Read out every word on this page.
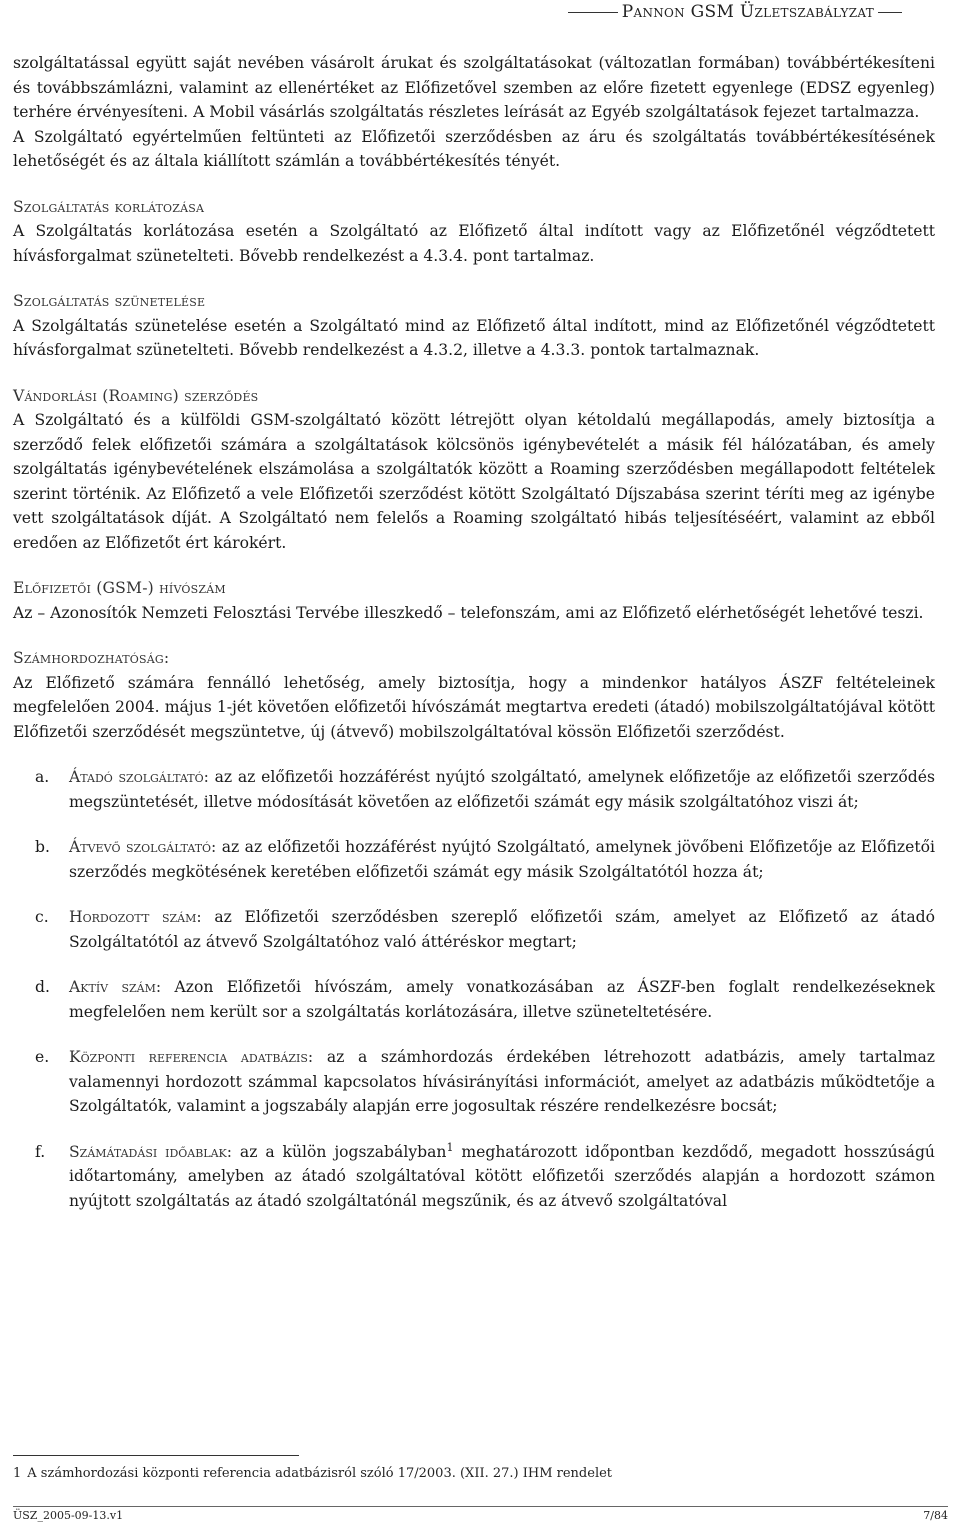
Pannon GSM Üzletszabályzat

szolgáltatással együtt saját nevében vásárolt árukat és szolgáltatásokat (változatlan formában) továbbértékesíteni és továbbszámlázni, valamint az ellenértéket az Előfizetővel szemben az előre fizetett egyenlege (EDSZ egyenleg) terhére érvényesíteni. A Mobil vásárlás szolgáltatás részletes leírását az Egyéb szolgáltatások fejezet tartalmazza.

A Szolgáltató egyértelműen feltünteti az Előfizetői szerződésben az áru és szolgáltatás továbbértékesítésének lehetőségét és az általa kiállított számlán a továbbértékesítés tényét.

Szolgáltatás korlátozása

A Szolgáltatás korlátozása esetén a Szolgáltató az Előfizető által indított vagy az Előfizetőnél végződtetett hívásforgalmat szünetelteti. Bővebb rendelkezést a 4.3.4. pont tartalmaz.

Szolgáltatás szünetelése

A Szolgáltatás szünetelése esetén a Szolgáltató mind az Előfizető által indított, mind az Előfizetőnél végződtetett hívásforgalmat szünetelteti. Bővebb rendelkezést a 4.3.2, illetve a 4.3.3. pontok tartalmaznak.

Vándorlási (Roaming) szerződés

A Szolgáltató és a külföldi GSM-szolgáltató között létrejött olyan kétoldalú megállapodás, amely biztosítja a szerződő felek előfizetői számára a szolgáltatások kölcsönös igénybevételét a másik fél hálózatában, és amely szolgáltatás igénybevételének elszámolása a szolgáltatók között a Roaming szerződésben megállapodott feltételek szerint történik. Az Előfizető a vele Előfizetői szerződést kötött Szolgáltató Díjszabása szerint téríti meg az igénybe vett szolgáltatások díját. A Szolgáltató nem felelős a Roaming szolgáltató hibás teljesítéséért, valamint az ebből eredően az Előfizetőt ért károkért.

Előfizetői (GSM-) hívószám

Az – Azonosítók Nemzeti Felosztási Tervébe illeszkedő – telefonszám, ami az Előfizető elérhetőségét lehetővé teszi.

Számhordozhatóság:

Az Előfizető számára fennálló lehetőség, amely biztosítja, hogy a mindenkor hatályos ÁSZF feltételeinek megfelelően 2004. május 1-jét követően előfizetői hívószámát megtartva eredeti (átadó) mobilszolgáltatójával kötött Előfizetői szerződését megszüntetve, új (átvevő) mobilszolgáltatóval kössön Előfizetői szerződést.

a. Átadó szolgáltató: az az előfizetői hozzáférést nyújtó szolgáltató, amelynek előfizetője az előfizetői szerződés megszüntetését, illetve módosítását követően az előfizetői számát egy másik szolgáltatóhoz viszi át;
b. Átvevő szolgáltató: az az előfizetői hozzáférést nyújtó Szolgáltató, amelynek jövőbeni Előfizetője az Előfizetői szerződés megkötésének keretében előfizetői számát egy másik Szolgáltatótól hozza át;
c. Hordozott szám: az Előfizetői szerződésben szereplő előfizetői szám, amelyet az Előfizető az átadó Szolgáltatótól az átvevő Szolgáltatóhoz való áttéréskor megtart;
d. Aktív szám: Azon Előfizetői hívószám, amely vonatkozásában az ÁSZF-ben foglalt rendelkezéseknek megfelelően nem került sor a szolgáltatás korlátozására, illetve szüneteltetésére.
e. Központi referencia adatbázis: az a számhordozás érdekében létrehozott adatbázis, amely tartalmaz valamennyi hordozott számmal kapcsolatos hívásirányítási információt, amelyet az adatbázis működtetője a Szolgáltatók, valamint a jogszabály alapján erre jogosultak részére rendelkezésre bocsát;
f. Számátadási időablak: az a külön jogszabályban$^1$ meghatározott időpontban kezdődő, megadott hosszúságú időtartomány, amelyben az átadó szolgáltatóval kötött előfizetői szerződés alapján a hordozott számon nyújtott szolgáltatás az átadó szolgáltatónál megszűnik, és az átvevő szolgáltatóval
1 A számhordozási központi referencia adatbázisról szóló 17/2003. (XII. 27.) IHM rendelet
ÜSZ_2005-09-13.v1	7/84
